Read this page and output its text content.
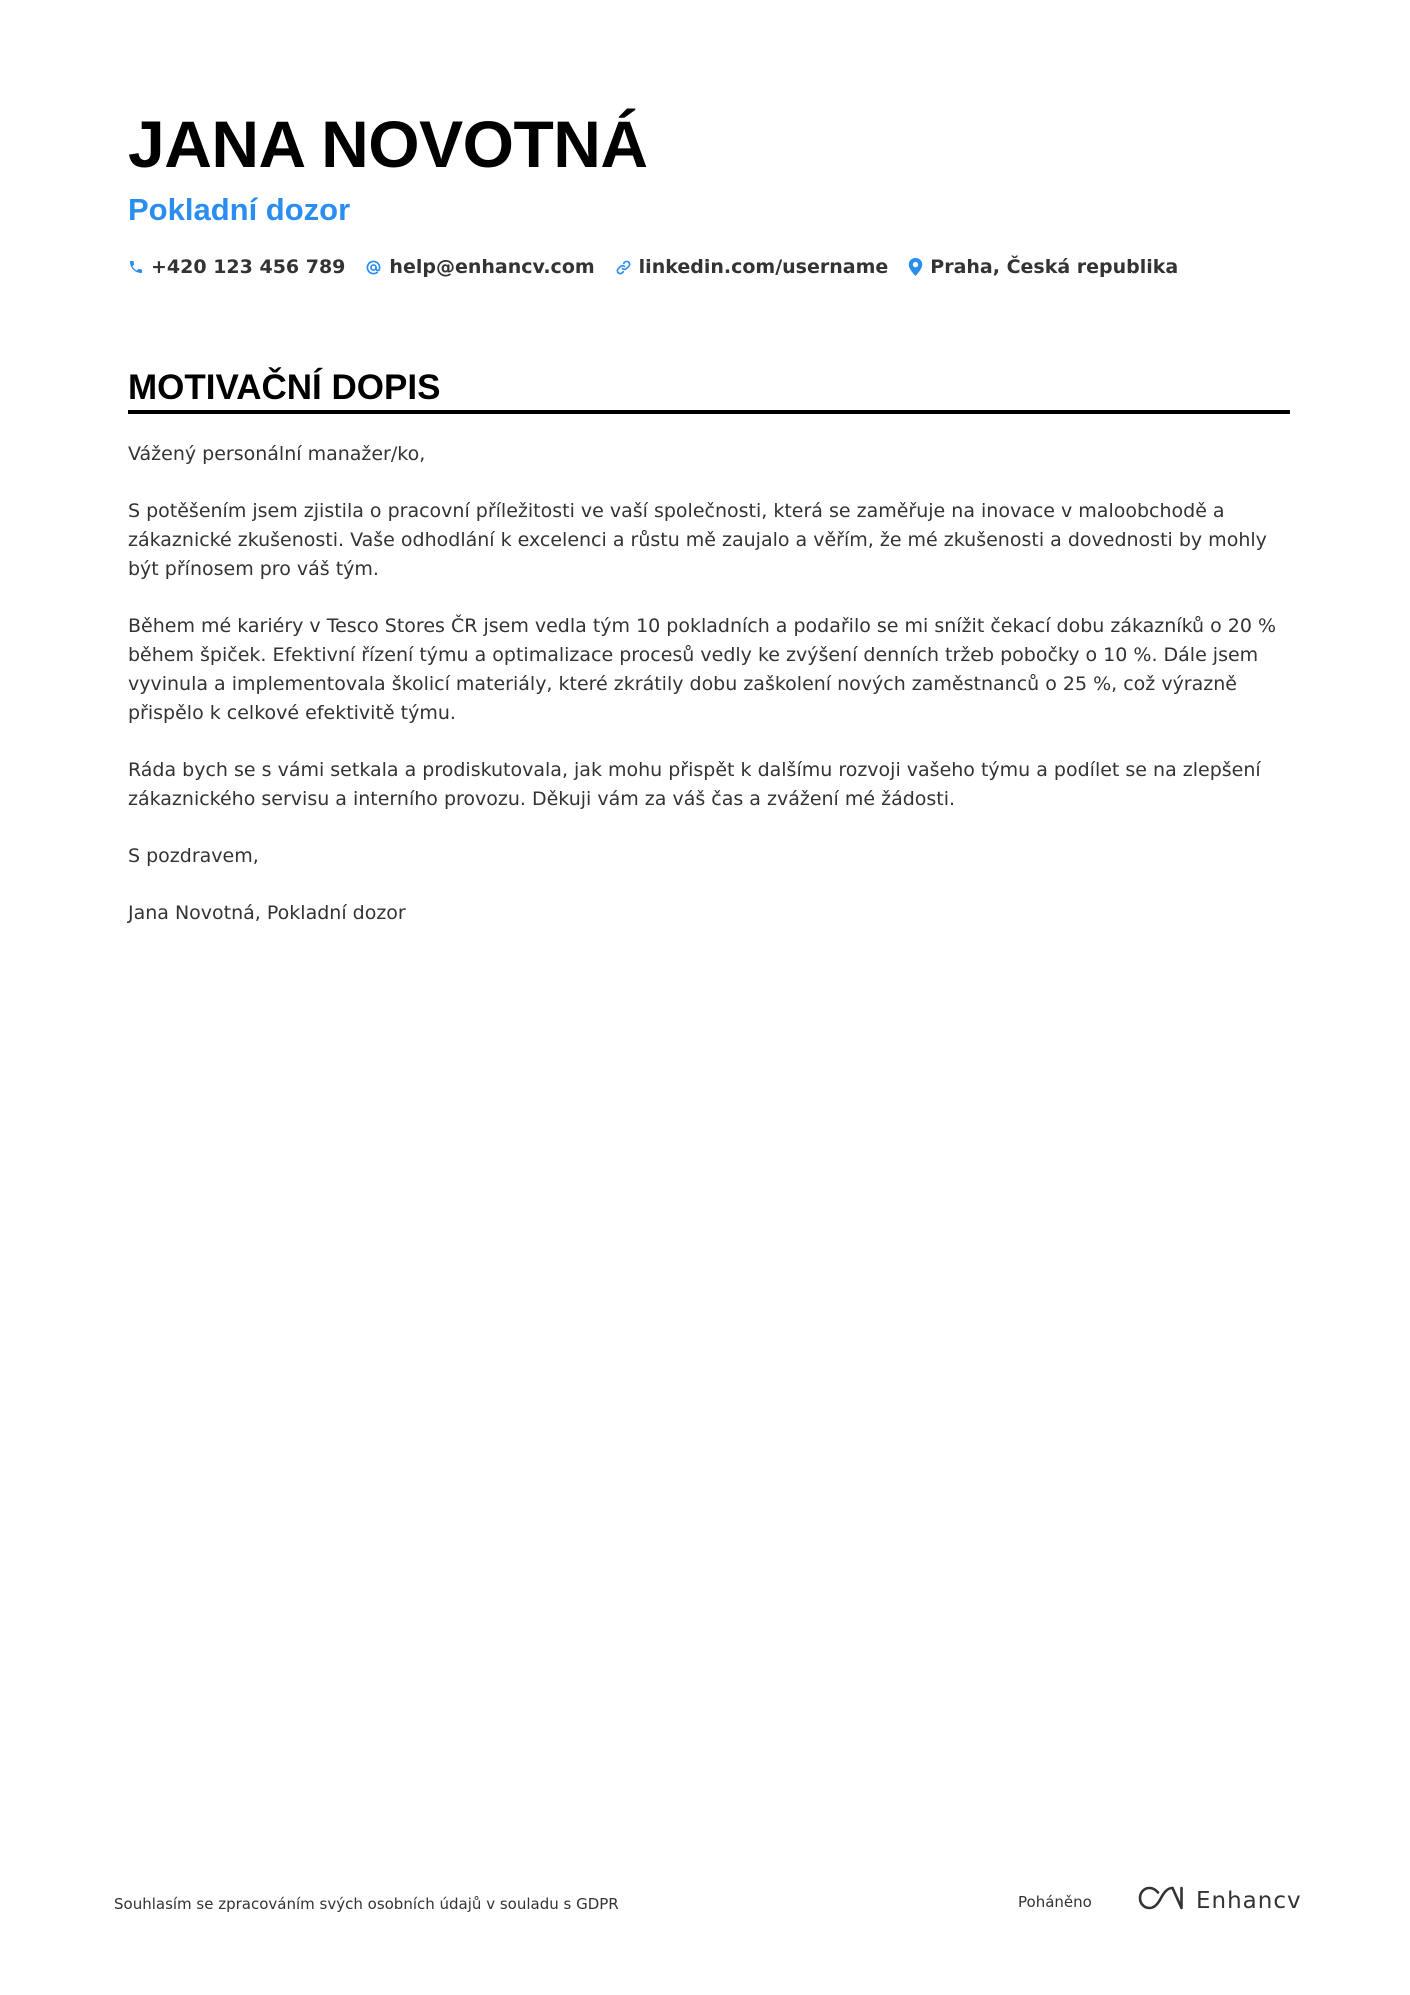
JANA NOVOTNÁ
Pokladní dozor
+420 123 456 789 help@enhancv.com linkedin.com/username Praha, Česká republika
MOTIVAČNÍ DOPIS

Vážený personální manažer/ko,

S potěšením jsem zjistila o pracovní příležitosti ve vaší společnosti, která se zaměřuje na inovace v maloobchodě a zákaznické zkušenosti. Vaše odhodlání k excelenci a růstu mě zaujalo a věřím, že mé zkušenosti a dovednosti by mohly být přínosem pro váš tým.

Během mé kariéry v Tesco Stores ČR jsem vedla tým 10 pokladních a podařilo se mi snížit čekací dobu zákazníků o 20 % během špiček. Efektivní řízení týmu a optimalizace procesů vedly ke zvýšení denních tržeb pobočky o 10 %. Dále jsem vyvinula a implementovala školicí materiály, které zkrátily dobu zaškolení nových zaměstnanců o 25 %, což výrazně přispělo k celkové efektivitě týmu.

Ráda bych se s vámi setkala a prodiskutovala, jak mohu přispět k dalšímu rozvoji vašeho týmu a podílet se na zlepšení zákaznického servisu a interního provozu. Děkuji vám za váš čas a zvážení mé žádosti.

S pozdravem,

Jana Novotná, Pokladní dozor

Souhlasím se zpracováním svých osobních údajů v souladu s GDPR	Poháněno	Enhancv
